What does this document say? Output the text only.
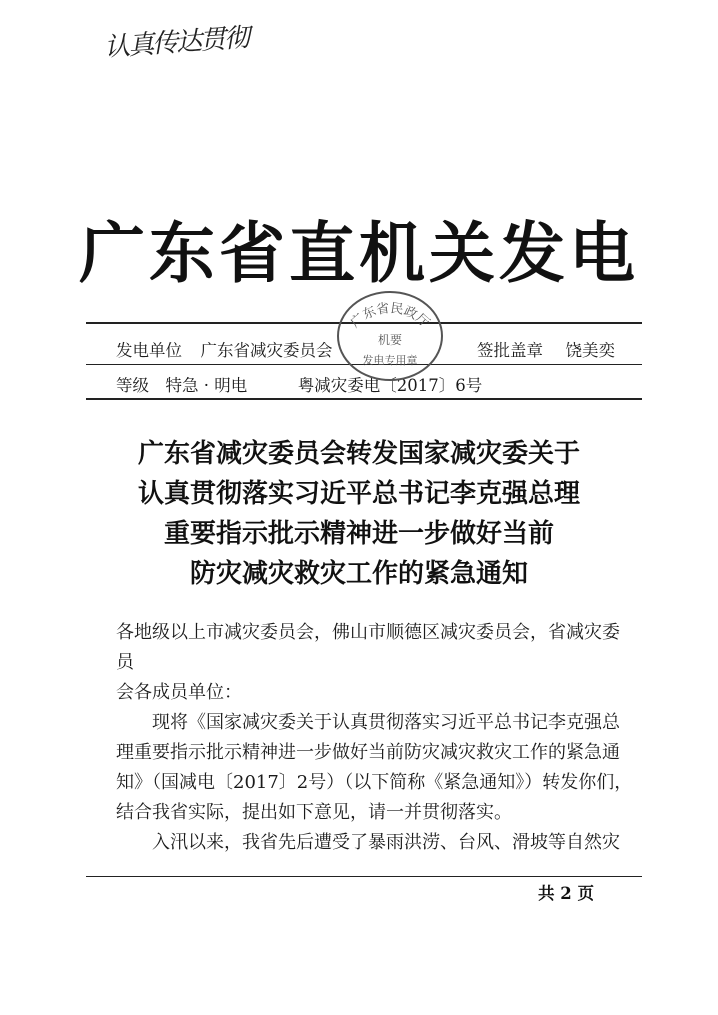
认真传达贯彻
广东省直机关发电
发电单位 广东省减灾委员会	签批盖章 饶美奕
等级 特急 · 明电	粤减灾委电〔2017〕6号
广东省民政厅
机要
发电专用章
广东省减灾委员会转发国家减灾委关于
认真贯彻落实习近平总书记李克强总理
重要指示批示精神进一步做好当前
防灾减灾救灾工作的紧急通知

各地级以上市减灾委员会，佛山市顺德区减灾委员会，省减灾委员

会各成员单位：

现将《国家减灾委关于认真贯彻落实习近平总书记李克强总

理重要指示批示精神进一步做好当前防灾减灾救灾工作的紧急通

知》（国减电〔2017〕2号）（以下简称《紧急通知》）转发你们，

结合我省实际，提出如下意见，请一并贯彻落实。

入汛以来，我省先后遭受了暴雨洪涝、台风、滑坡等自然灾

共 2 页
